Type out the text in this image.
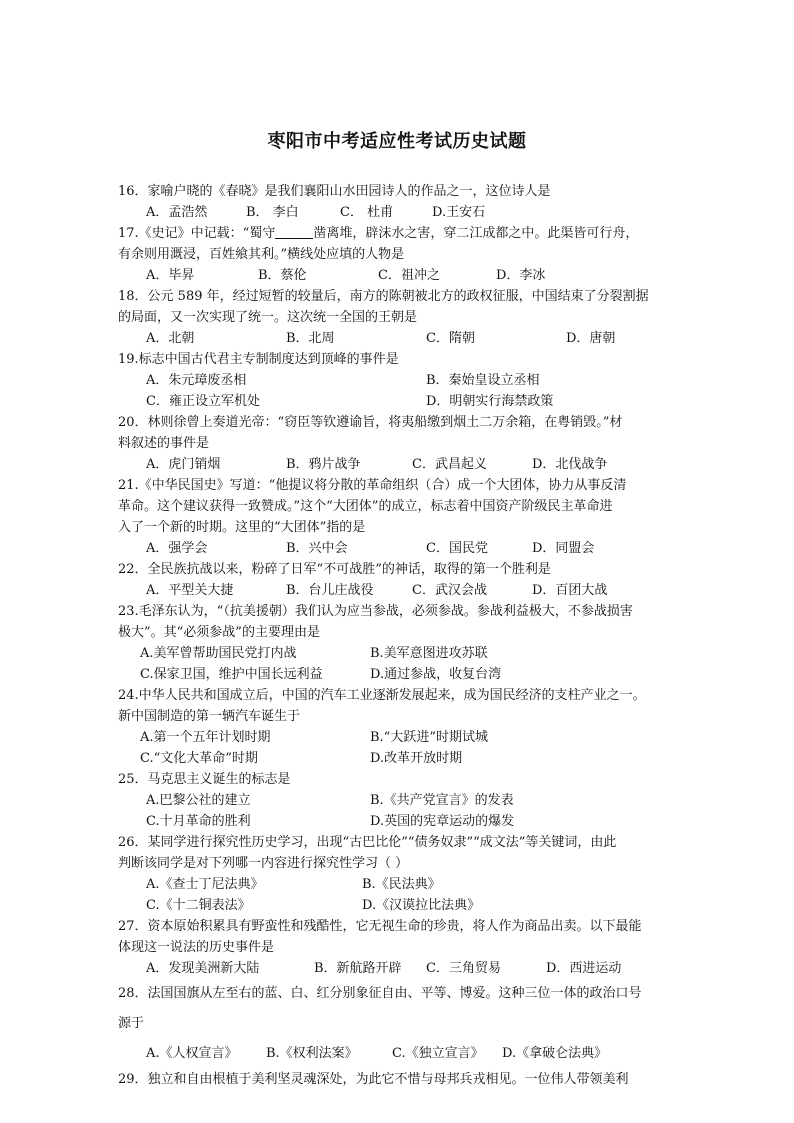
枣阳市中考适应性考试历史试题
16．家喻户晓的《春晓》是我们襄阳山水田园诗人的作品之一，这位诗人是
A．孟浩然	B． 李白	C． 杜甫	D.王安石
17.《史记》中记载：“蜀守	凿离堆，辟沫水之害，穿二江成都之中。此渠皆可行舟，
有余则用溉浸，百姓飨其利。”横线处应填的人物是
A．毕昇	B．蔡伦	C．祖冲之	D．李冰
18．公元 589 年，经过短暂的较量后，南方的陈朝被北方的政权征服，中国结束了分裂割据
的局面，又一次实现了统一。这次统一全国的王朝是
A．北朝	B．北周	C．隋朝	D．唐朝
19.标志中国古代君主专制制度达到顶峰的事件是
A．朱元璋废丞相	B．秦始皇设立丞相
C．雍正设立军机处	D．明朝实行海禁政策
20．林则徐曾上奏道光帝：“窃臣等钦遵谕旨，将夷船缴到烟土二万余箱，在粤销毁。”材
料叙述的事件是
A．虎门销烟	B．鸦片战争	C．武昌起义	D．北伐战争
21.《中华民国史》写道：“他提议将分散的革命组织（合）成一个大团体，协力从事反清
革命。这个建议获得一致赞成。”这个“大团体”的成立，标志着中国资产阶级民主革命进
入了一个新的时期。这里的“大团体”指的是
A．强学会	B．兴中会	C．国民党	D．同盟会
22．全民族抗战以来，粉碎了日军“不可战胜”的神话，取得的第一个胜利是
A．平型关大捷	B．台儿庄战役	C．武汉会战	D．百团大战
23.毛泽东认为，“（抗美援朝）我们认为应当参战，必须参战。参战利益极大，不参战损害
极大”。其“必须参战”的主要理由是
A.美军曾帮助国民党打内战	B.美军意图进攻苏联
C.保家卫国，维护中国长远利益	D.通过参战，收复台湾
24.中华人民共和国成立后，中国的汽车工业逐渐发展起来，成为国民经济的支柱产业之一。
新中国制造的第一辆汽车诞生于
A.第一个五年计划时期	B.“大跃进”时期试城
C.“文化大革命”时期	D.改革开放时期
25．马克思主义诞生的标志是
A.巴黎公社的建立	B.《共产党宣言》的发表
C.十月革命的胜利	D.英国的宪章运动的爆发
26．某同学进行探究性历史学习，出现“古巴比伦”“债务奴隶”“成文法”等关键词，由此
判断该同学是对下列哪一内容进行探究性学习（ ）
A.《查士丁尼法典》	B.《民法典》
C.《十二铜表法》	D.《汉谟拉比法典》
27．资本原始积累具有野蛮性和残酷性，它无视生命的珍贵，将人作为商品出卖。以下最能
体现这一说法的历史事件是
A．发现美洲新大陆	B．新航路开辟 C．三角贸易	D．西进运动
28．法国国旗从左至右的蓝、白、红分别象征自由、平等、博爱。这种三位一体的政治口号
源于
A.《人权宣言》 B.《权利法案》	C.《独立宣言》 D.《拿破仑法典》
29．独立和自由根植于美利坚灵魂深处，为此它不惜与母邦兵戎相见。一位伟人带领美利
